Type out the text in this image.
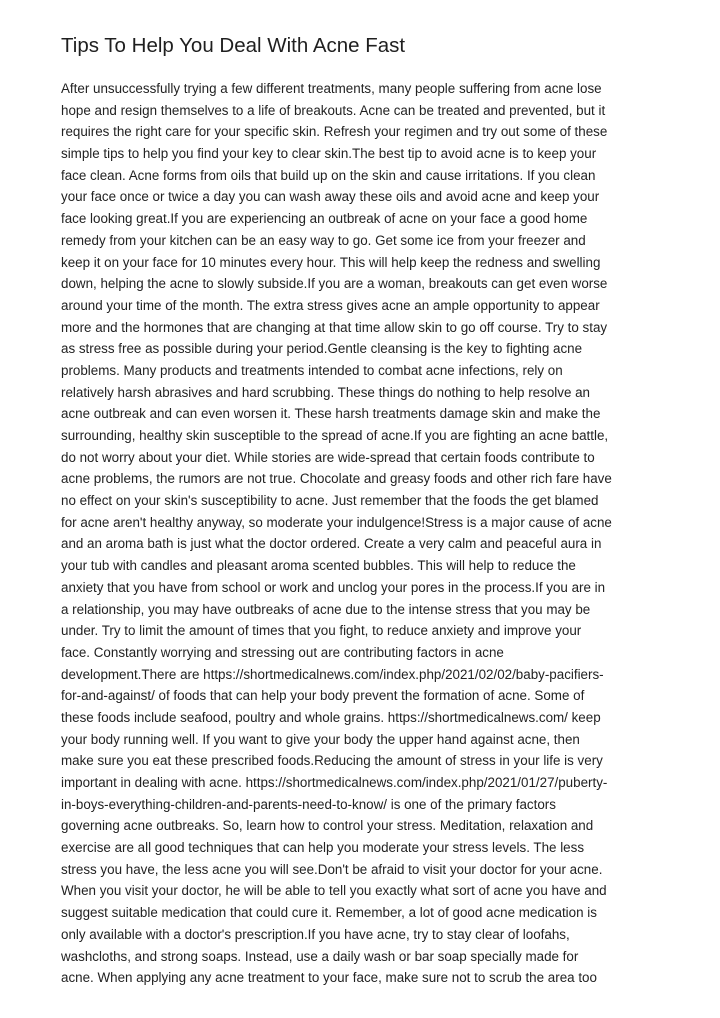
Tips To Help You Deal With Acne Fast
After unsuccessfully trying a few different treatments, many people suffering from acne lose
hope and resign themselves to a life of breakouts. Acne can be treated and prevented, but it
requires the right care for your specific skin. Refresh your regimen and try out some of these
simple tips to help you find your key to clear skin.The best tip to avoid acne is to keep your
face clean. Acne forms from oils that build up on the skin and cause irritations. If you clean
your face once or twice a day you can wash away these oils and avoid acne and keep your
face looking great.If you are experiencing an outbreak of acne on your face a good home
remedy from your kitchen can be an easy way to go. Get some ice from your freezer and
keep it on your face for 10 minutes every hour. This will help keep the redness and swelling
down, helping the acne to slowly subside.If you are a woman, breakouts can get even worse
around your time of the month. The extra stress gives acne an ample opportunity to appear
more and the hormones that are changing at that time allow skin to go off course. Try to stay
as stress free as possible during your period.Gentle cleansing is the key to fighting acne
problems. Many products and treatments intended to combat acne infections, rely on
relatively harsh abrasives and hard scrubbing. These things do nothing to help resolve an
acne outbreak and can even worsen it. These harsh treatments damage skin and make the
surrounding, healthy skin susceptible to the spread of acne.If you are fighting an acne battle,
do not worry about your diet. While stories are wide-spread that certain foods contribute to
acne problems, the rumors are not true. Chocolate and greasy foods and other rich fare have
no effect on your skin's susceptibility to acne. Just remember that the foods the get blamed
for acne aren't healthy anyway, so moderate your indulgence!Stress is a major cause of acne
and an aroma bath is just what the doctor ordered. Create a very calm and peaceful aura in
your tub with candles and pleasant aroma scented bubbles. This will help to reduce the
anxiety that you have from school or work and unclog your pores in the process.If you are in
a relationship, you may have outbreaks of acne due to the intense stress that you may be
under. Try to limit the amount of times that you fight, to reduce anxiety and improve your
face. Constantly worrying and stressing out are contributing factors in acne
development.There are https://shortmedicalnews.com/index.php/2021/02/02/baby-pacifiers-
for-and-against/ of foods that can help your body prevent the formation of acne. Some of
these foods include seafood, poultry and whole grains. https://shortmedicalnews.com/ keep
your body running well. If you want to give your body the upper hand against acne, then
make sure you eat these prescribed foods.Reducing the amount of stress in your life is very
important in dealing with acne. https://shortmedicalnews.com/index.php/2021/01/27/puberty-
in-boys-everything-children-and-parents-need-to-know/ is one of the primary factors
governing acne outbreaks. So, learn how to control your stress. Meditation, relaxation and
exercise are all good techniques that can help you moderate your stress levels. The less
stress you have, the less acne you will see.Don't be afraid to visit your doctor for your acne.
When you visit your doctor, he will be able to tell you exactly what sort of acne you have and
suggest suitable medication that could cure it. Remember, a lot of good acne medication is
only available with a doctor's prescription.If you have acne, try to stay clear of loofahs,
washcloths, and strong soaps. Instead, use a daily wash or bar soap specially made for
acne. When applying any acne treatment to your face, make sure not to scrub the area too
